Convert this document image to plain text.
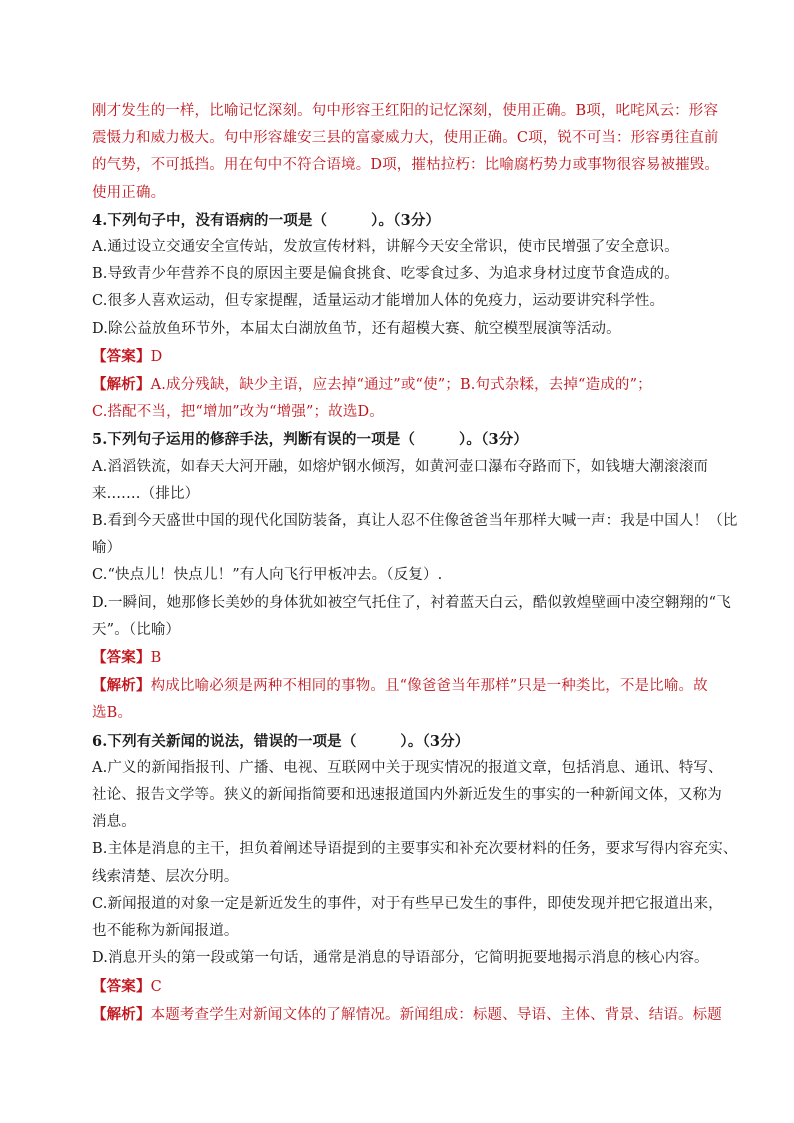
刚才发生的一样，比喻记忆深刻。句中形容王红阳的记忆深刻，使用正确。B项，叱咤风云：形容
震慑力和威力极大。句中形容雄安三县的富豪威力大，使用正确。C项，锐不可当：形容勇往直前
的气势，不可抵挡。用在句中不符合语境。D项，摧枯拉朽：比喻腐朽势力或事物很容易被摧毁。
使用正确。
4.下列句子中，没有语病的一项是（　　　）。（3分）
A.通过设立交通安全宣传站，发放宣传材料，讲解今天安全常识，使市民增强了安全意识。
B.导致青少年营养不良的原因主要是偏食挑食、吃零食过多、为追求身材过度节食造成的。
C.很多人喜欢运动，但专家提醒，适量运动才能增加人体的免疫力，运动要讲究科学性。
D.除公益放鱼环节外，本届太白湖放鱼节，还有超模大赛、航空模型展演等活动。
【答案】D
【解析】A.成分残缺，缺少主语，应去掉“通过”或“使”；B.句式杂糅，去掉“造成的”；
C.搭配不当，把“增加”改为“增强”；故选D。
5.下列句子运用的修辞手法，判断有误的一项是（　　　）。（3分）
A.滔滔铁流，如春天大河开融，如熔炉钢水倾泻，如黄河壶口瀑布夺路而下，如钱塘大潮滚滚而
来.……（排比）
B.看到今天盛世中国的现代化国防装备，真让人忍不住像爸爸当年那样大喊一声：我是中国人！（比
喻）
C.“快点儿！快点儿！”有人向飞行甲板冲去。（反复）.
D.一瞬间，她那修长美妙的身体犹如被空气托住了，衬着蓝天白云，酷似敦煌壁画中凌空翱翔的“飞
天”。（比喻）
【答案】B
【解析】构成比喻必须是两种不相同的事物。且“像爸爸当年那样”只是一种类比，不是比喻。故
选B。
6.下列有关新闻的说法，错误的一项是（　　　）。（3分）
A.广义的新闻指报刊、广播、电视、互联网中关于现实情况的报道文章，包括消息、通讯、特写、
社论、报告文学等。狭义的新闻指简要和迅速报道国内外新近发生的事实的一种新闻文体，又称为
消息。
B.主体是消息的主干，担负着阐述导语提到的主要事实和补充次要材料的任务，要求写得内容充实、
线索清楚、层次分明。
C.新闻报道的对象一定是新近发生的事件，对于有些早已发生的事件，即使发现并把它报道出来，
也不能称为新闻报道。
D.消息开头的第一段或第一句话，通常是消息的导语部分，它简明扼要地揭示消息的核心内容。
【答案】C
【解析】本题考查学生对新闻文体的了解情况。新闻组成：标题、导语、主体、背景、结语。标题
